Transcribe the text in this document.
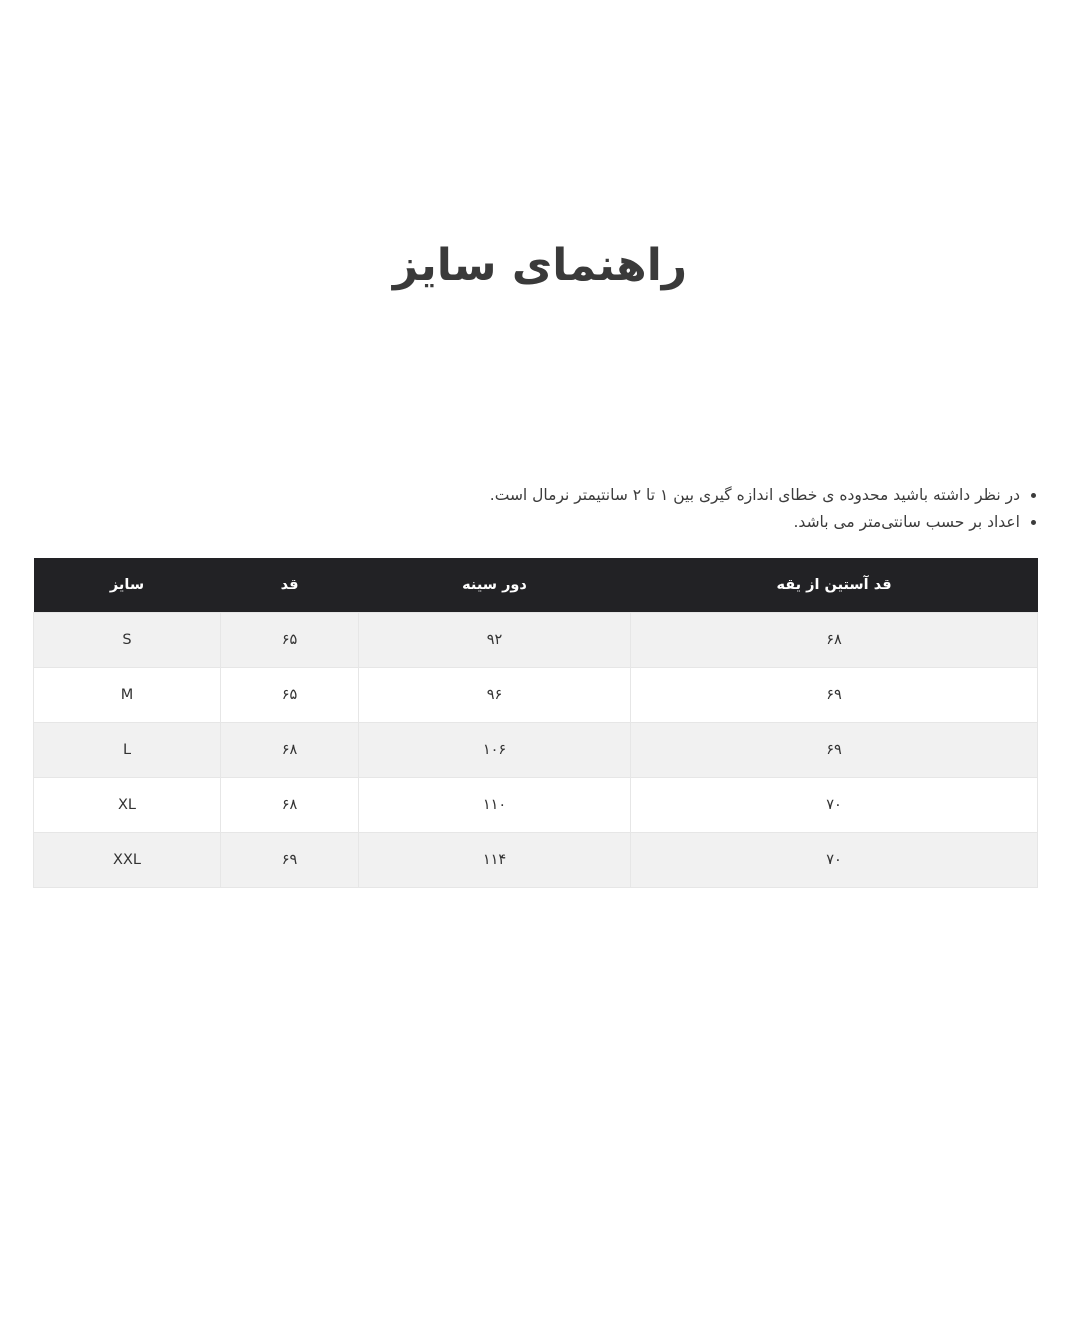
راهنمای سایز
در نظر داشته باشید محدوده ی خطای اندازه گیری بین ۱ تا ۲ سانتیمتر نرمال است.
اعداد بر حسب سانتی‌متر می باشد.
قد آستین از یقه	دور سینه	قد	سایز
۶۸	۹۲	۶۵	S
۶۹	۹۶	۶۵	M
۶۹	۱۰۶	۶۸	L
۷۰	۱۱۰	۶۸	XL
۷۰	۱۱۴	۶۹	XXL
